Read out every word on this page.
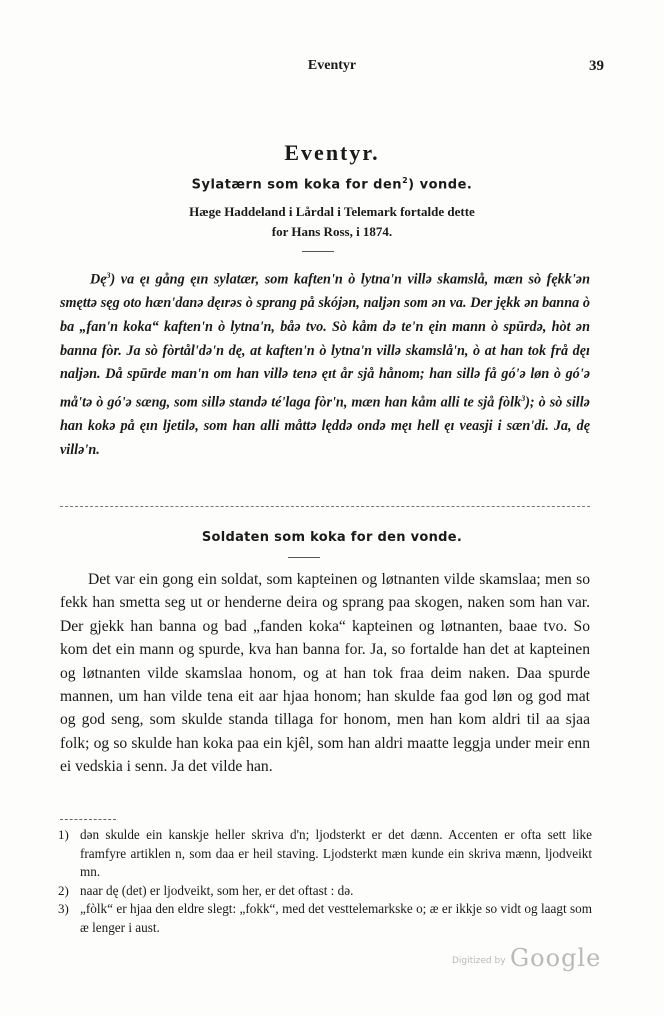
Eventyr	39
Eventyr.
Sylatærn som koka for den$^2$) vonde.
Hæge Haddeland i Lårdal i Telemark fortalde dette
for Hans Ross, i 1874.

$Dę^3$) va ęı gång ęın sylatær, som kaften'n ò lytna'n villə skamslå, mæn sò fękk'ən smęttə sęg oto hæn'danə dęırəs ò sprang på skójən, naljən som ən va. Der jękk ən banna ò ba „fan'n koka“ kaften'n ò lytna'n, båə tvo. Sò kåm də te'n ęin mann ò spūrdə, hòt ən banna fòr. Ja sò fòrtål'də'n dę, at kaften'n ò lytna'n villə skamslå'n, ò at han tok frå dęı naljən. Då spūrde man'n om han villə tenə ęıt år sjå hånom; han sillə få gó'ə løn ò gó'ə må'tə ò gó'ə sæng, som sillə standə té'laga fòr'n, mæn han kåm alli te sjå fòlk$^3$); ò sò sillə han kokə på ęın ljetilə, som han alli måttə lęddə ondə męı hell ęı veasji i sæn'di. Ja, dę villə'n.

Soldaten som koka for den vonde.

Det var ein gong ein soldat, som kapteinen og løtnanten vilde skamslaa; men so fekk han smetta seg ut or henderne deira og sprang paa skogen, naken som han var. Der gjekk han banna og bad „fanden koka“ kapteinen og løtnanten, baae tvo. So kom det ein mann og spurde, kva han banna for. Ja, so fortalde han det at kapteinen og løtnanten vilde skamslaa honom, og at han tok fraa deim naken. Daa spurde mannen, um han vilde tena eit aar hjaa honom; han skulde faa god løn og god mat og god seng, som skulde standa tillaga for honom, men han kom aldri til aa sjaa folk; og so skulde han koka paa ein kjêl, som han aldri maatte leggja under meir enn ei vedskia i senn. Ja det vilde han.

1) dən skulde ein kanskje heller skriva d'n; ljodsterkt er det dænn. Accenten er ofta sett like framfyre artiklen n, som daa er heil staving. Ljodsterkt mæn kunde ein skriva mænn, ljodveikt mn.
2) naar dę (det) er ljodveikt, som her, er det oftast : də.
3) „fòlk“ er hjaa den eldre slegt: „fokk“, med det vesttelemarkske o; æ er ikkje so vidt og laagt som æ lenger i aust.
Digitized by Google
